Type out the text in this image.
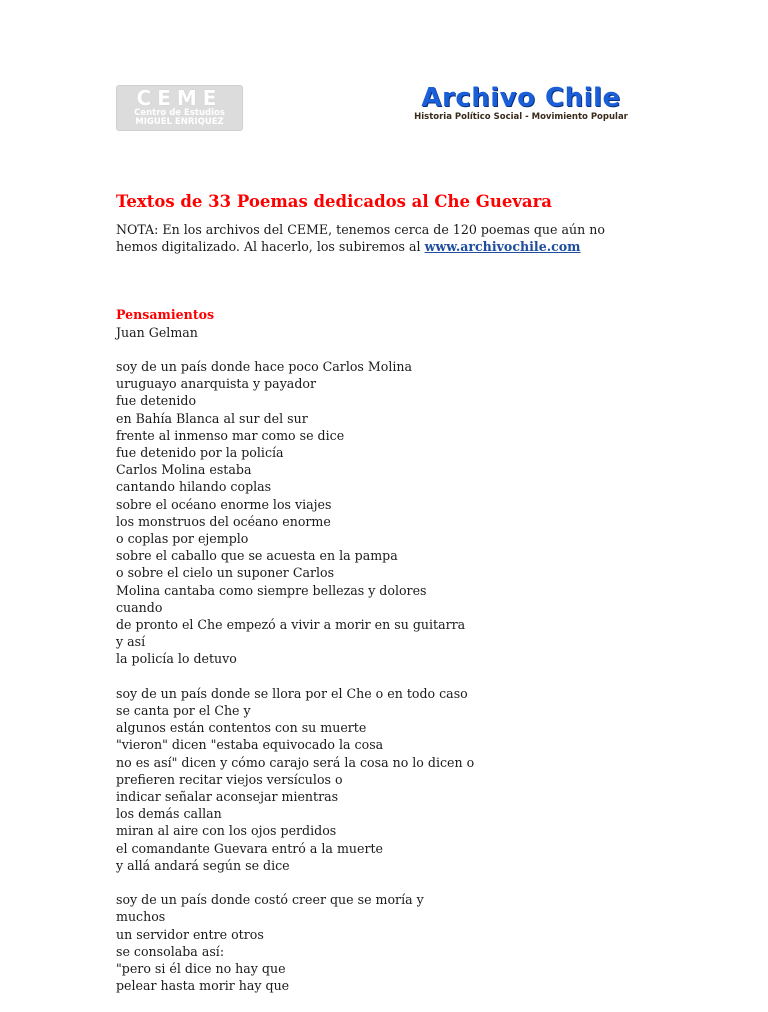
CEME
Centro de Estudios
MIGUEL ENRIQUEZ
Archivo Chile
Historia Político Social - Movimiento Popular
Textos de 33 Poemas dedicados al Che Guevara
NOTA: En los archivos del CEME, tenemos cerca de 120 poemas que aún no
hemos digitalizado. Al hacerlo, los subiremos al www.archivochile.com
Pensamientos
Juan Gelman
soy de un país donde hace poco Carlos Molina
uruguayo anarquista y payador
fue detenido
en Bahía Blanca al sur del sur
frente al inmenso mar como se dice
fue detenido por la policía
Carlos Molina estaba
cantando hilando coplas
sobre el océano enorme los viajes
los monstruos del océano enorme
o coplas por ejemplo
sobre el caballo que se acuesta en la pampa
o sobre el cielo un suponer Carlos
Molina cantaba como siempre bellezas y dolores
cuando
de pronto el Che empezó a vivir a morir en su guitarra
y así
la policía lo detuvo
soy de un país donde se llora por el Che o en todo caso
se canta por el Che y
algunos están contentos con su muerte
"vieron" dicen "estaba equivocado la cosa
no es así" dicen y cómo carajo será la cosa no lo dicen o
prefieren recitar viejos versículos o
indicar señalar aconsejar mientras
los demás callan
miran al aire con los ojos perdidos
el comandante Guevara entró a la muerte
y allá andará según se dice
soy de un país donde costó creer que se moría y
muchos
un servidor entre otros
se consolaba así:
"pero si él dice no hay que
pelear hasta morir hay que
